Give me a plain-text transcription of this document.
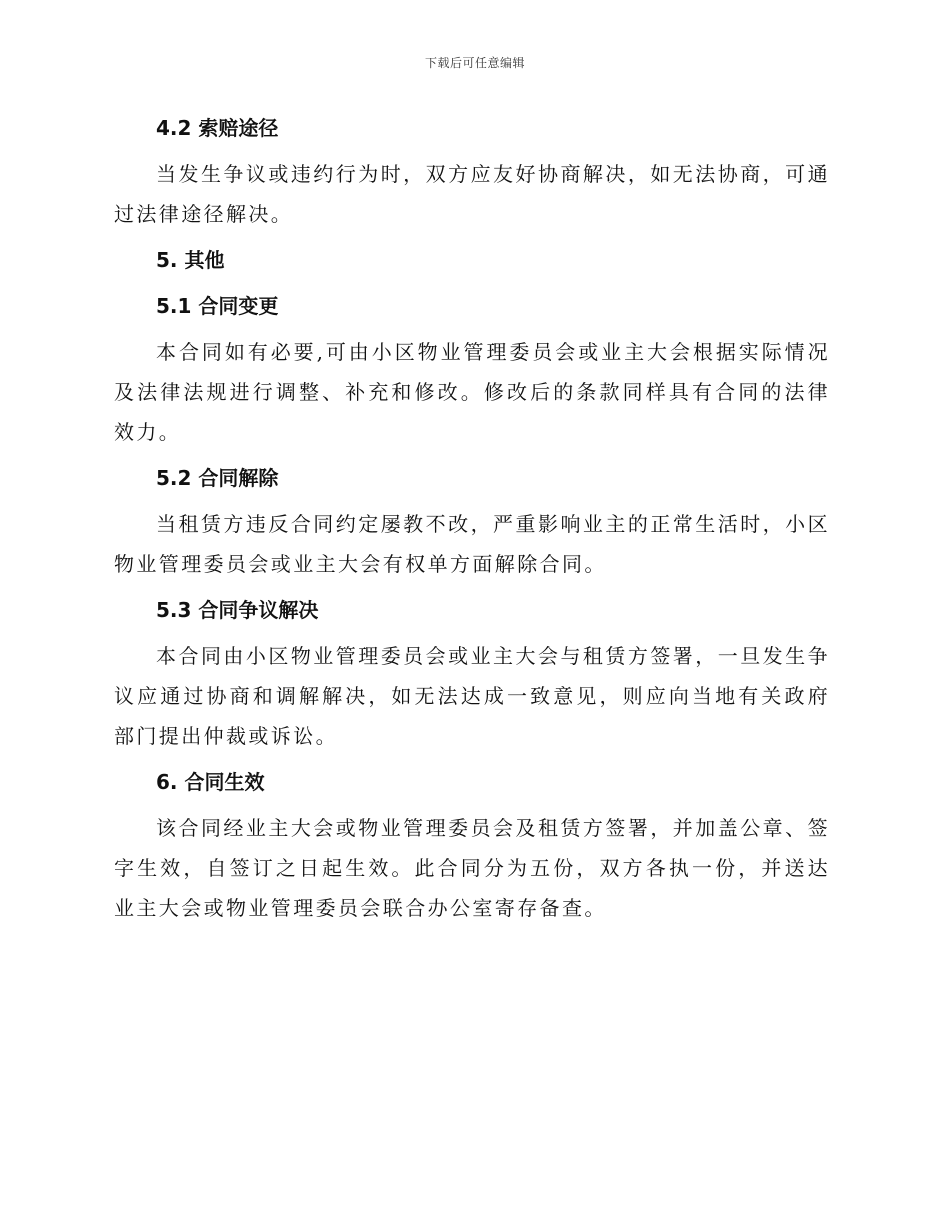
下载后可任意编辑
4.2 索赔途径

当发生争议或违约行为时，双方应友好协商解决，如无法协商，可通过法律途径解决。

5. 其他
5.1 合同变更

本合同如有必要,可由小区物业管理委员会或业主大会根据实际情况及法律法规进行调整、补充和修改。修改后的条款同样具有合同的法律效力。

5.2 合同解除

当租赁方违反合同约定屡教不改，严重影响业主的正常生活时，小区物业管理委员会或业主大会有权单方面解除合同。

5.3 合同争议解决

本合同由小区物业管理委员会或业主大会与租赁方签署，一旦发生争议应通过协商和调解解决，如无法达成一致意见，则应向当地有关政府部门提出仲裁或诉讼。

6. 合同生效

该合同经业主大会或物业管理委员会及租赁方签署，并加盖公章、签字生效，自签订之日起生效。此合同分为五份，双方各执一份，并送达业主大会或物业管理委员会联合办公室寄存备查。
